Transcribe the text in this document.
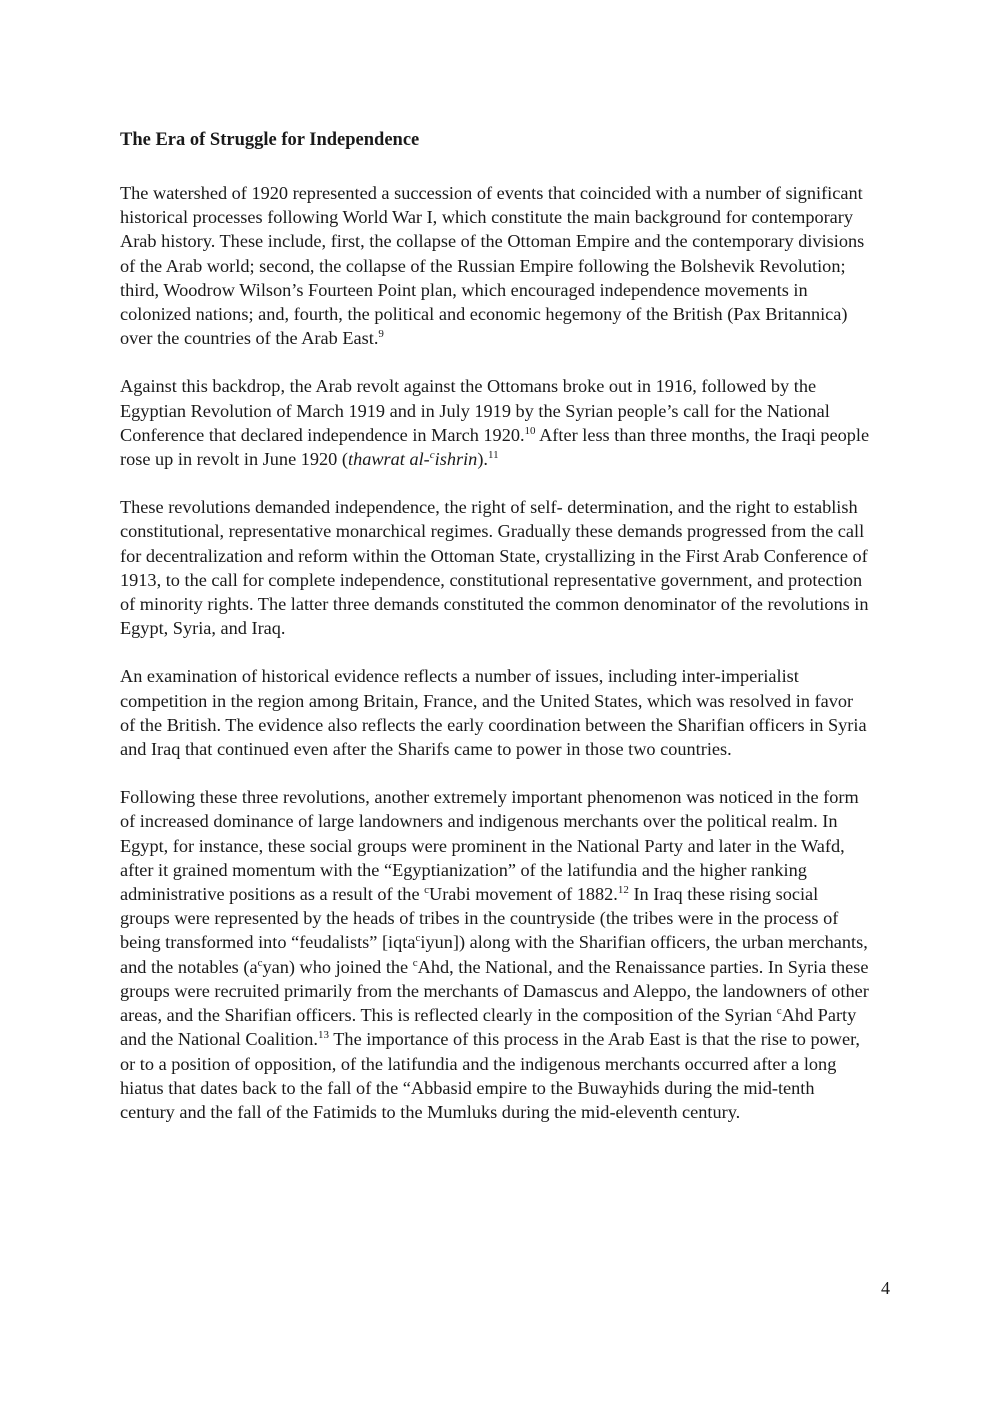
The Era of Struggle for Independence

The watershed of 1920 represented a succession of events that coincided with a number of significant historical processes following World War I, which constitute the main background for contemporary Arab history. These include, first, the collapse of the Ottoman Empire and the contemporary divisions of the Arab world; second, the collapse of the Russian Empire following the Bolshevik Revolution; third, Woodrow Wilson’s Fourteen Point plan, which encouraged independence movements in colonized nations; and, fourth, the political and economic hegemony of the British (Pax Britannica) over the countries of the Arab East.$^9$

Against this backdrop, the Arab revolt against the Ottomans broke out in 1916, followed by the Egyptian Revolution of March 1919 and in July 1919 by the Syrian people’s call for the National Conference that declared independence in March 1920.10 After less than three months, the Iraqi people rose up in revolt in June 1920 (thawrat al-$^c$ishrin).$^{11}$

These revolutions demanded independence, the right of self- determination, and the right to establish constitutional, representative monarchical regimes. Gradually these demands progressed from the call for decentralization and reform within the Ottoman State, crystallizing in the First Arab Conference of 1913, to the call for complete independence, constitutional representative government, and protection of minority rights. The latter three demands constituted the common denominator of the revolutions in Egypt, Syria, and Iraq.

An examination of historical evidence reflects a number of issues, including inter-imperialist competition in the region among Britain, France, and the United States, which was resolved in favor of the British. The evidence also reflects the early coordination between the Sharifian officers in Syria and Iraq that continued even after the Sharifs came to power in those two countries.

Following these three revolutions, another extremely important phenomenon was noticed in the form of increased dominance of large landowners and indigenous merchants over the political realm. In Egypt, for instance, these social groups were prominent in the National Party and later in the Wafd, after it grained momentum with the “Egyptianization” of the latifundia and the higher ranking administrative positions as a result of the $^c$Urabi movement of 1882.12 In Iraq these rising social groups were represented by the heads of tribes in the countryside (the tribes were in the process of being transformed into “feudalists” [iqta$^c$iyun]) along with the Sharifian officers, the urban merchants, and the notables $(a^cyan)$ who joined the $^c$Ahd, the National, and the Renaissance parties. In Syria these groups were recruited primarily from the merchants of Damascus and Aleppo, the landowners of other areas, and the Sharifian officers. This is reflected clearly in the composition of the Syrian $^c$Ahd Party and the National Coalition.$^{13}$ The importance of this process in the Arab East is that the rise to power, or to a position of opposition, of the latifundia and the indigenous merchants occurred after a long hiatus that dates back to the fall of the “Abbasid empire to the Buwayhids during the mid-tenth century and the fall of the Fatimids to the Mumluks during the mid-eleventh century.

4
